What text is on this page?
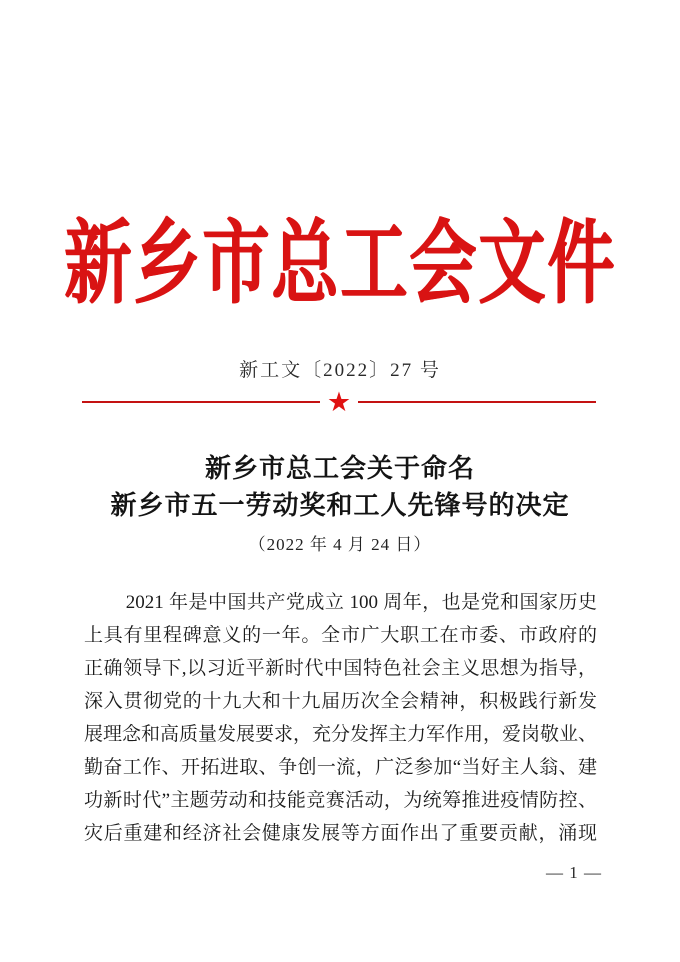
新乡市总工会文件
新工文〔2022〕27 号
★
新乡市总工会关于命名
新乡市五一劳动奖和工人先锋号的决定
（2022 年 4 月 24 日）
2021 年是中国共产党成立 100 周年，也是党和国家历史
上具有里程碑意义的一年。全市广大职工在市委、市政府的
正确领导下,以习近平新时代中国特色社会主义思想为指导，
深入贯彻党的十九大和十九届历次全会精神，积极践行新发
展理念和高质量发展要求，充分发挥主力军作用，爱岗敬业、
勤奋工作、开拓进取、争创一流，广泛参加“当好主人翁、建
功新时代”主题劳动和技能竞赛活动，为统筹推进疫情防控、
灾后重建和经济社会健康发展等方面作出了重要贡献，涌现
— 1 —
